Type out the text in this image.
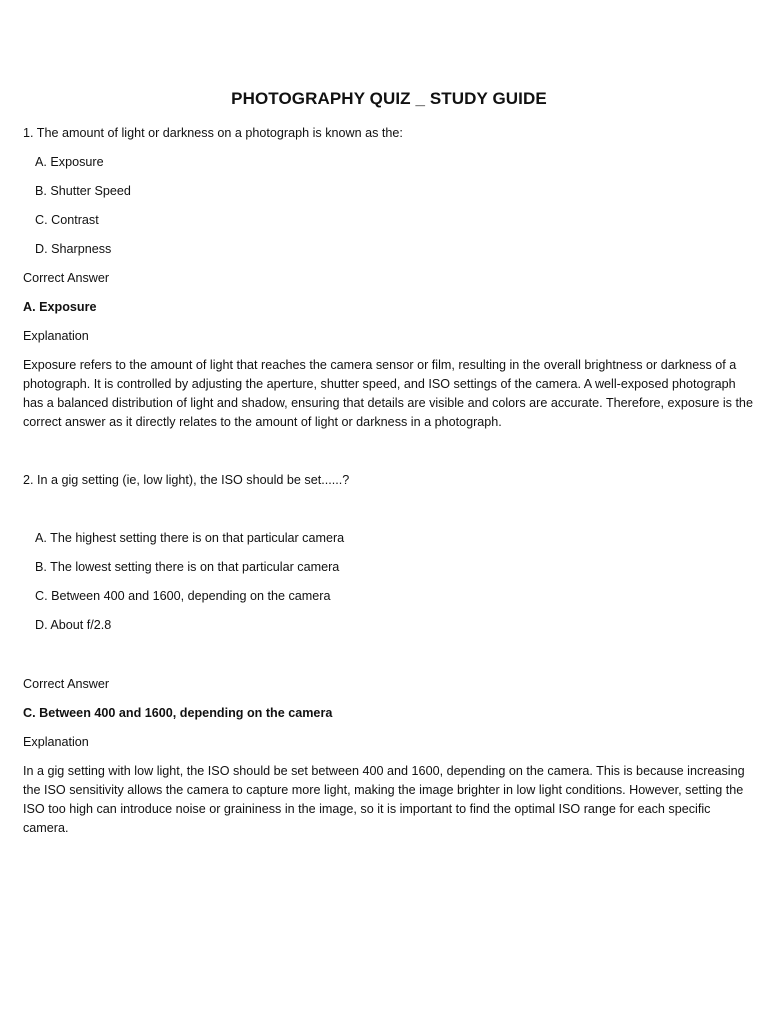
PHOTOGRAPHY QUIZ _ STUDY GUIDE
1. The amount of light or darkness on a photograph is known as the:
A. Exposure
B. Shutter Speed
C. Contrast
D. Sharpness
Correct Answer
A. Exposure
Explanation
Exposure refers to the amount of light that reaches the camera sensor or film, resulting in the overall brightness or darkness of a photograph. It is controlled by adjusting the aperture, shutter speed, and ISO settings of the camera. A well-exposed photograph has a balanced distribution of light and shadow, ensuring that details are visible and colors are accurate. Therefore, exposure is the correct answer as it directly relates to the amount of light or darkness in a photograph.
2. In a gig setting (ie, low light), the ISO should be set......?
A. The highest setting there is on that particular camera
B. The lowest setting there is on that particular camera
C. Between 400 and 1600, depending on the camera
D. About f/2.8
Correct Answer
C. Between 400 and 1600, depending on the camera
Explanation
In a gig setting with low light, the ISO should be set between 400 and 1600, depending on the camera. This is because increasing the ISO sensitivity allows the camera to capture more light, making the image brighter in low light conditions. However, setting the ISO too high can introduce noise or graininess in the image, so it is important to find the optimal ISO range for each specific camera.
